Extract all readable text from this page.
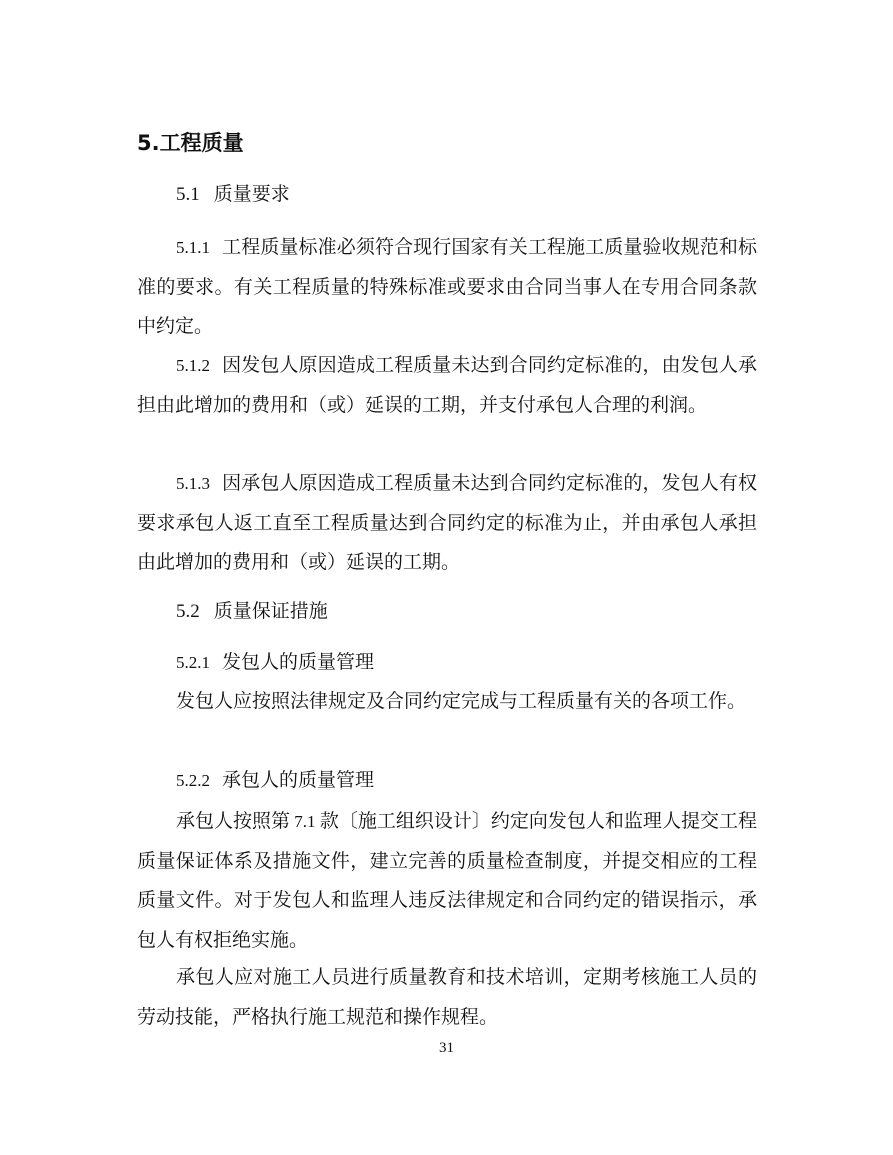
5.工程质量
5.1 质量要求

5.1.1 工程质量标准必须符合现行国家有关工程施工质量验收规范和标准的要求。有关工程质量的特殊标准或要求由合同当事人在专用合同条款中约定。

5.1.2 因发包人原因造成工程质量未达到合同约定标准的，由发包人承担由此增加的费用和（或）延误的工期，并支付承包人合理的利润。

5.1.3 因承包人原因造成工程质量未达到合同约定标准的，发包人有权要求承包人返工直至工程质量达到合同约定的标准为止，并由承包人承担由此增加的费用和（或）延误的工期。

5.2 质量保证措施
5.2.1 发包人的质量管理

发包人应按照法律规定及合同约定完成与工程质量有关的各项工作。

5.2.2 承包人的质量管理

承包人按照第 7.1 款〔施工组织设计〕约定向发包人和监理人提交工程质量保证体系及措施文件，建立完善的质量检查制度，并提交相应的工程质量文件。对于发包人和监理人违反法律规定和合同约定的错误指示，承包人有权拒绝实施。

承包人应对施工人员进行质量教育和技术培训，定期考核施工人员的劳动技能，严格执行施工规范和操作规程。

31
